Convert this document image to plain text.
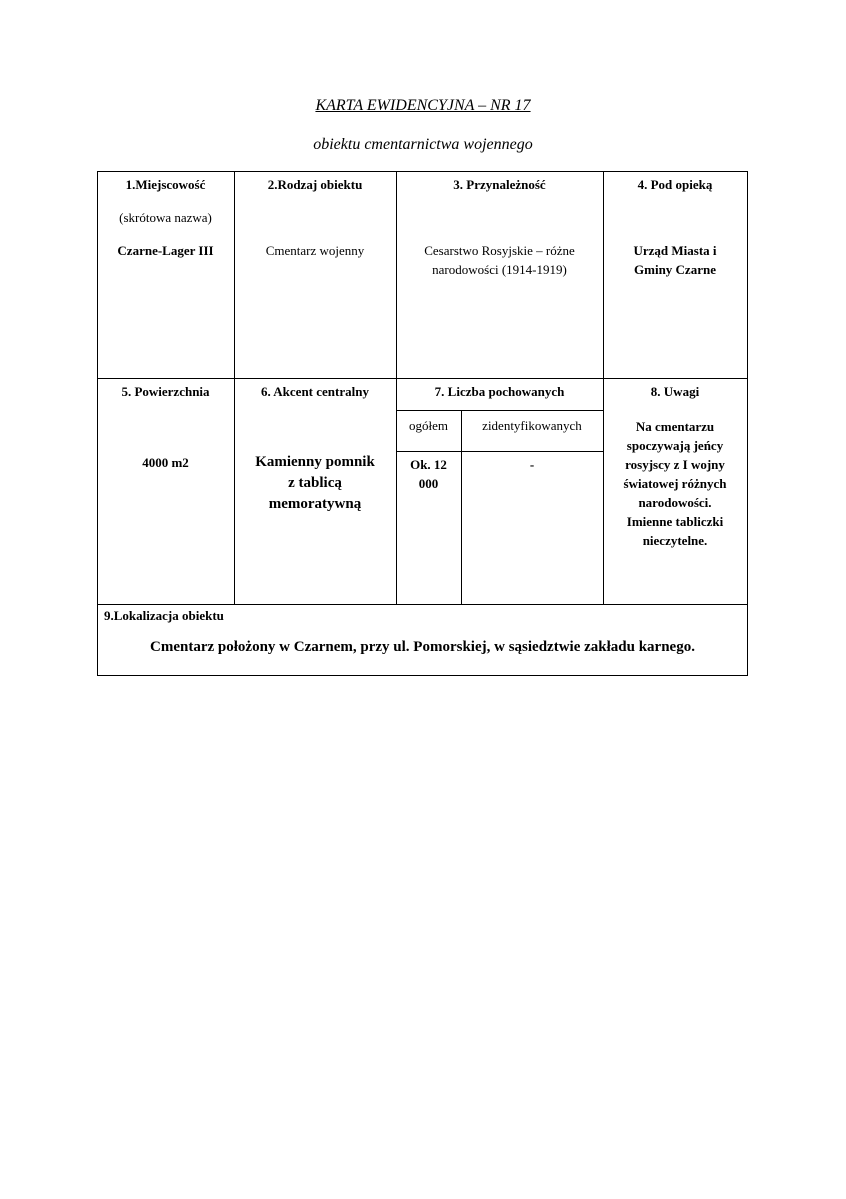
KARTA EWIDENCYJNA – NR 17
obiektu cmentarnictwa wojennego
1.Miejscowość
(skrótowa nazwa)
Czarne-Lager III
2.Rodzaj obiektu
Cmentarz wojenny
3. Przynależność
Cesarstwo Rosyjskie – różne
narodowości (1914-1919)
4. Pod opieką
Urząd Miasta i
Gminy Czarne
5. Powierzchnia
4000 m2
6. Akcent centralny
Kamienny pomnik
z tablicą
memoratywną
7. Liczba pochowanych
ogółem	zidentyfikowanych
Ok. 12
000
-
8. Uwagi
Na cmentarzu
spoczywają jeńcy
rosyjscy z I wojny
światowej różnych
narodowości.
Imienne tabliczki
nieczytelne.
9.Lokalizacja obiektu
Cmentarz położony w Czarnem, przy ul. Pomorskiej, w sąsiedztwie zakładu karnego.
